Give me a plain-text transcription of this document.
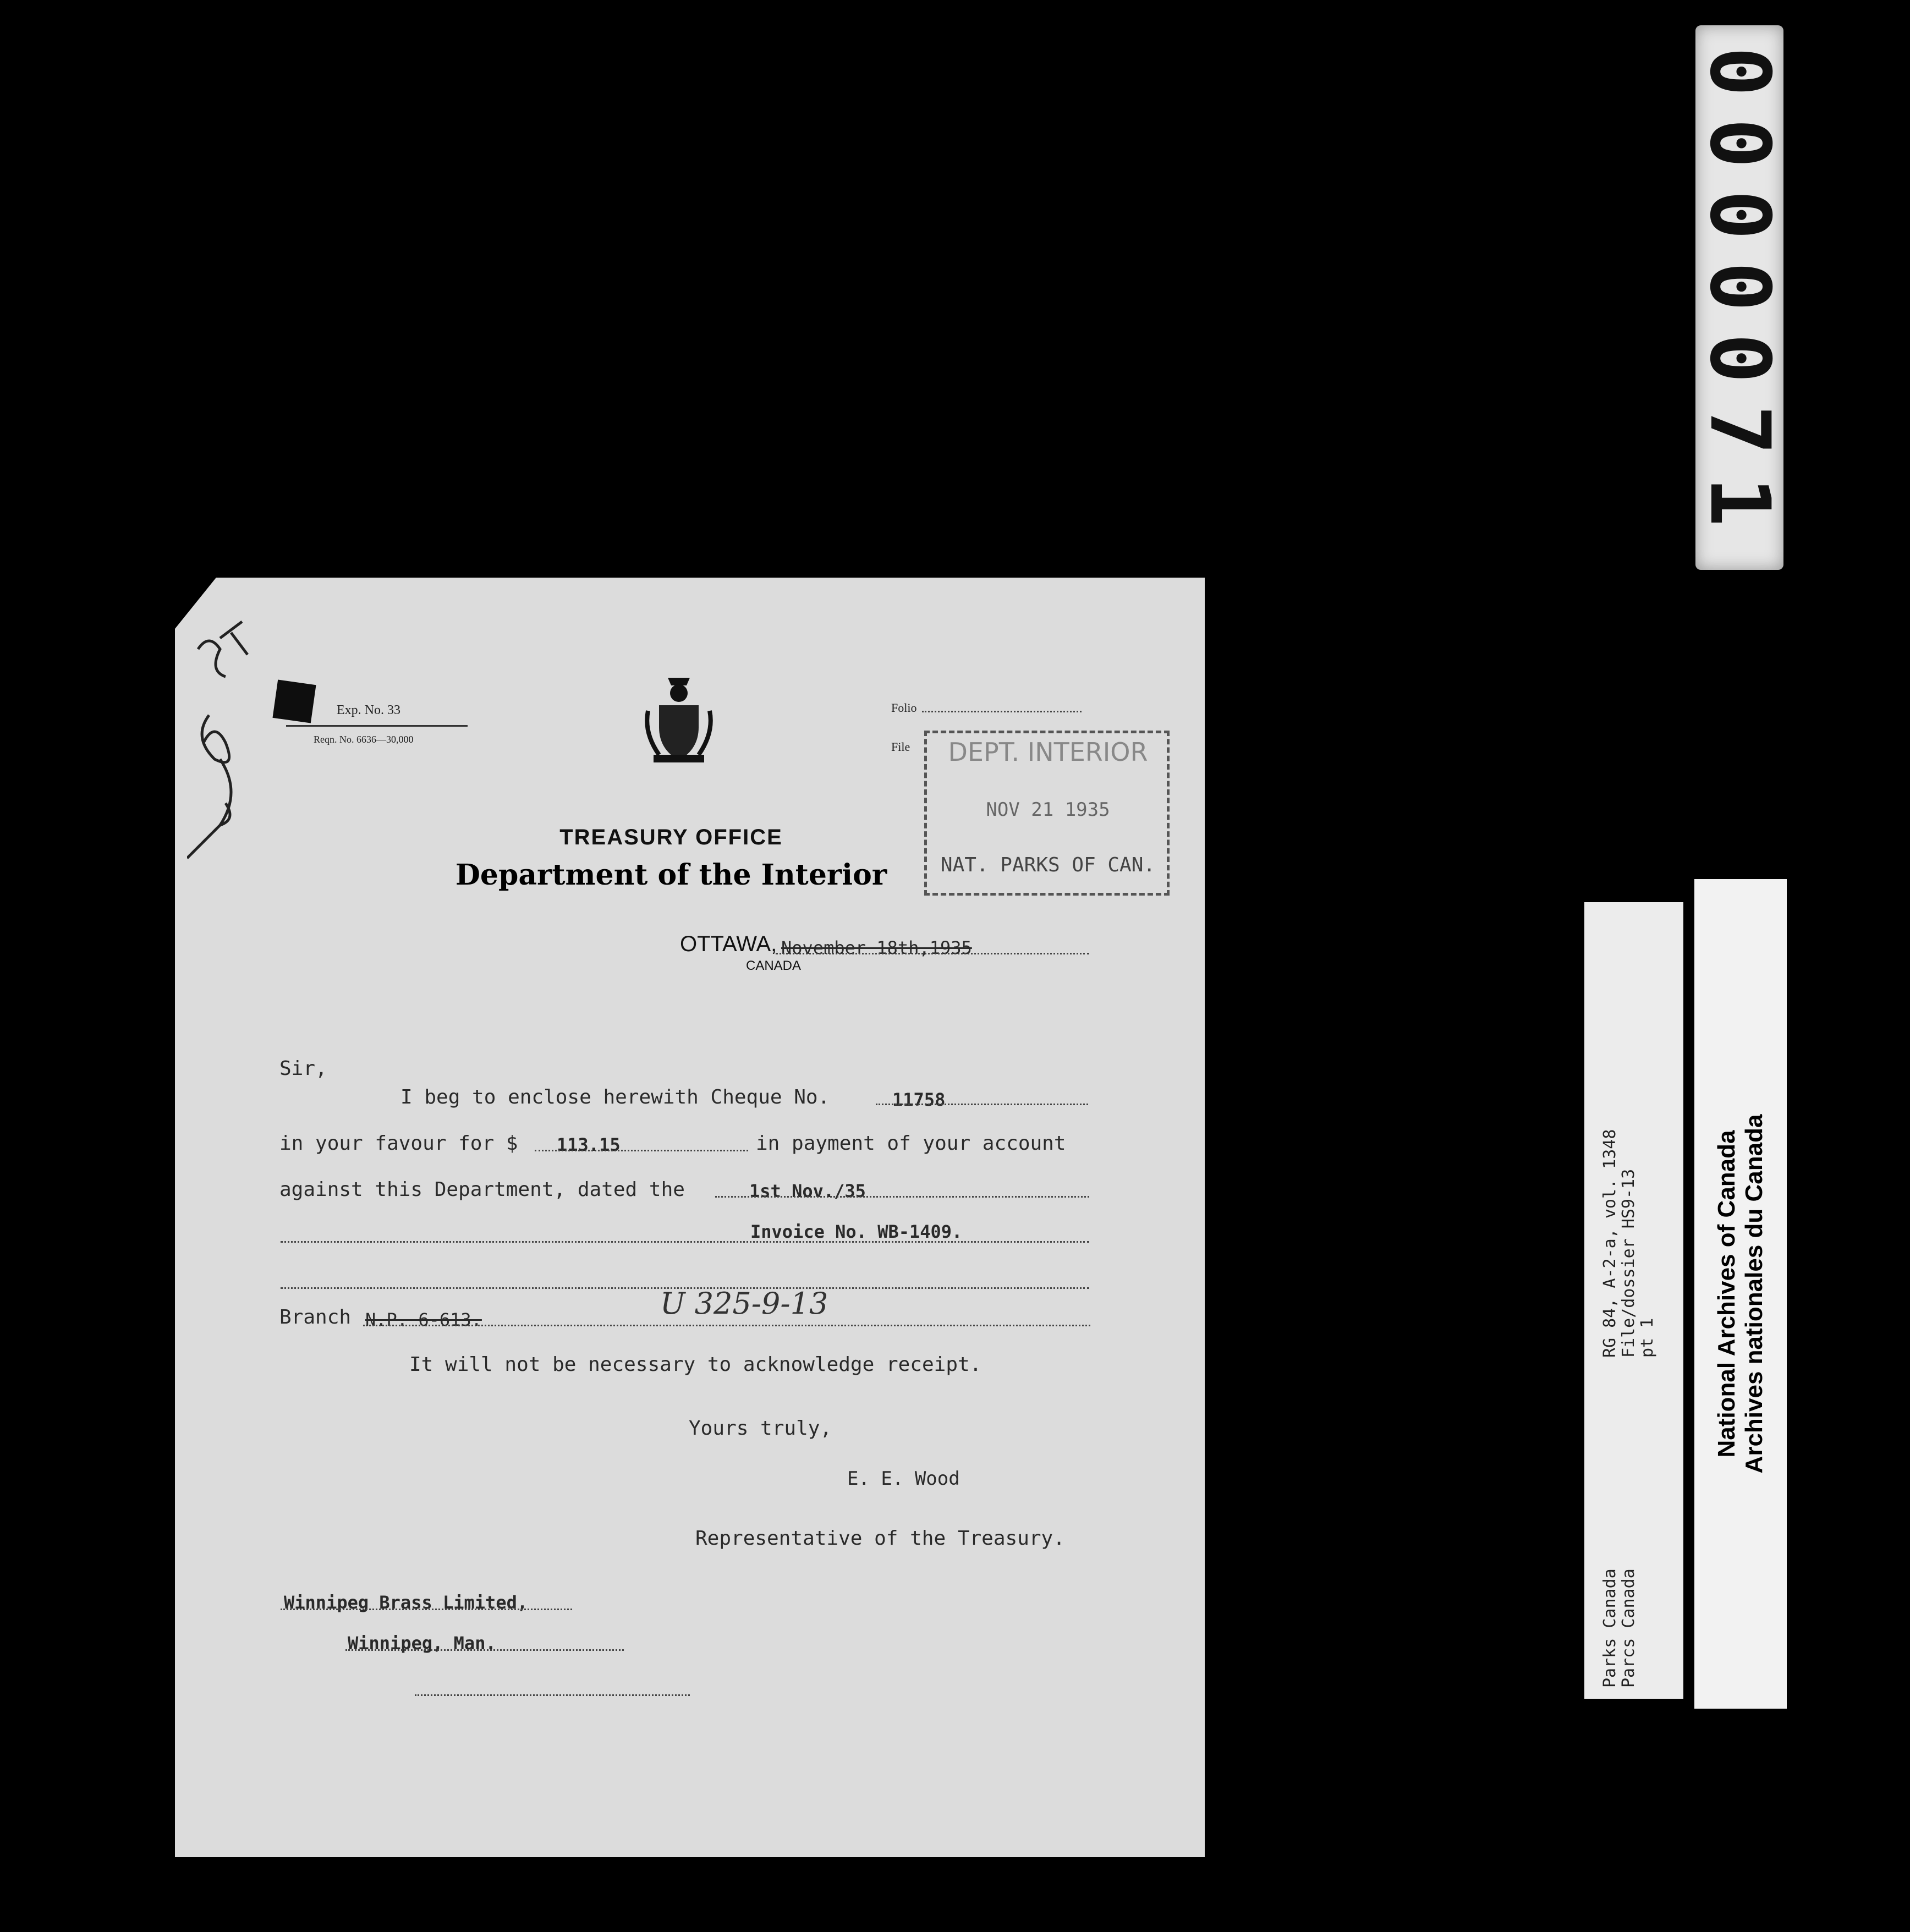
0000071
RG 84, A-2-a, vol. 1348 File/dossier HS9-13 pt 1
Parks Canada Parcs Canada
National Archives of Canada Archives nationales du Canada
Exp. No. 33
Reqn. No. 6636—30,000
Folio
File	DEPT. INTERIOR
NOV 21 1935
NAT. PARKS OF CAN.
TREASURY OFFICE
Department of the Interior
OTTAWA,
CANADA
November 18th,1935
Sir,
I beg to enclose herewith Cheque No.	11758
in your favour for $ 113.15	in payment of your account
against this Department, dated the	1st Nov./35
Invoice No. WB-1409.
Branch N.P. 6-613.	U 325-9-13
It will not be necessary to acknowledge receipt.
Yours truly,
E. E. Wood
Representative of the Treasury.
Winnipeg Brass Limited,
Winnipeg, Man.
